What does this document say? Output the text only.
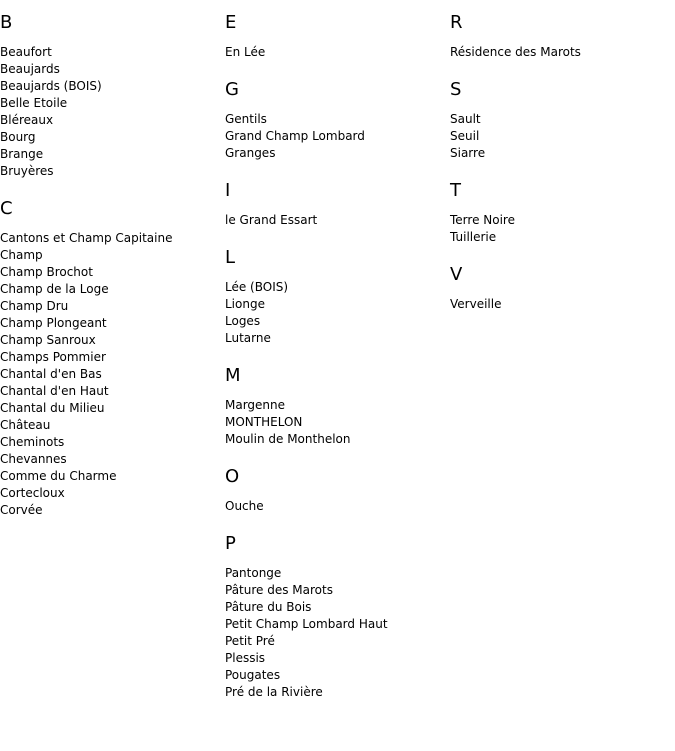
B
Beaufort
Beaujards
Beaujards (BOIS)
Belle Etoile
Bléreaux
Bourg
Brange
Bruyères
C
Cantons et Champ Capitaine
Champ
Champ Brochot
Champ de la Loge
Champ Dru
Champ Plongeant
Champ Sanroux
Champs Pommier
Chantal d'en Bas
Chantal d'en Haut
Chantal du Milieu
Château
Cheminots
Chevannes
Comme du Charme
Cortecloux
Corvée
E
En Lée
G
Gentils
Grand Champ Lombard
Granges
I
le Grand Essart
L
Lée (BOIS)
Lionge
Loges
Lutarne
M
Margenne
MONTHELON
Moulin de Monthelon
O
Ouche
P
Pantonge
Pâture des Marots
Pâture du Bois
Petit Champ Lombard Haut
Petit Pré
Plessis
Pougates
Pré de la Rivière
R
Résidence des Marots
S
Sault
Seuil
Siarre
T
Terre Noire
Tuillerie
V
Verveille
